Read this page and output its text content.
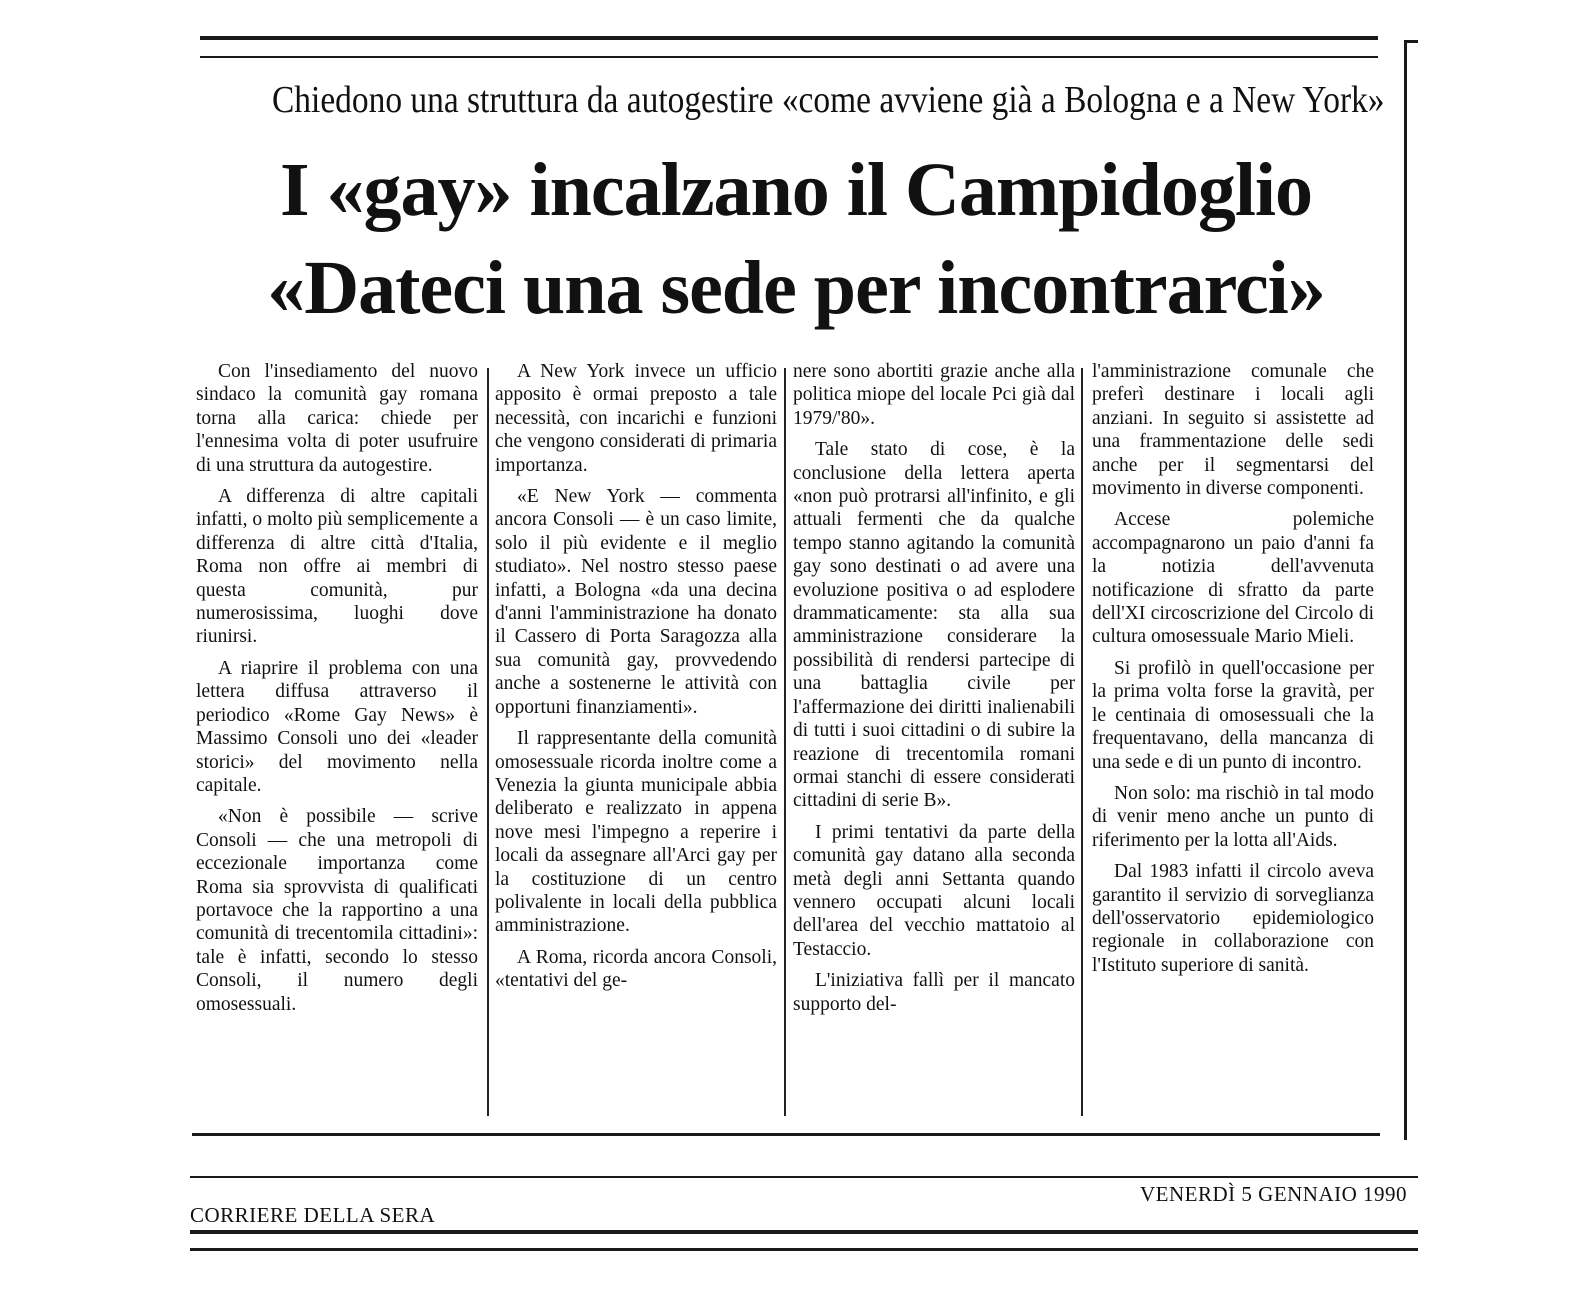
Chiedono una struttura da autogestire «come avviene già a Bologna e a New York»
I «gay» incalzano il Campidoglio
«Dateci una sede per incontrarci»

Con l'insediamento del nuovo sindaco la comunità gay romana torna alla carica: chiede per l'ennesima volta di poter usufruire di una struttura da autogestire.

A differenza di altre capitali infatti, o molto più semplicemente a differenza di altre città d'Italia, Roma non offre ai membri di questa comunità, pur numerosissima, luoghi dove riunirsi.

A riaprire il problema con una lettera diffusa attraverso il periodico «Rome Gay News» è Massimo Consoli uno dei «leader storici» del movimento nella capitale.

«Non è possibile — scrive Consoli — che una metropoli di eccezionale importanza come Roma sia sprovvista di qualificati portavoce che la rapportino a una comunità di trecentomila cittadini»: tale è infatti, secondo lo stesso Consoli, il numero degli omosessuali.

A New York invece un ufficio apposito è ormai preposto a tale necessità, con incarichi e funzioni che vengono considerati di primaria importanza.

«E New York — commenta ancora Consoli — è un caso limite, solo il più evidente e il meglio studiato». Nel nostro stesso paese infatti, a Bologna «da una decina d'anni l'amministrazione ha donato il Cassero di Porta Saragozza alla sua comunità gay, provvedendo anche a sostenerne le attività con opportuni finanziamenti».

Il rappresentante della comunità omosessuale ricorda inoltre come a Venezia la giunta municipale abbia deliberato e realizzato in appena nove mesi l'impegno a reperire i locali da assegnare all'Arci gay per la costituzione di un centro polivalente in locali della pubblica amministrazione.

A Roma, ricorda ancora Consoli, «tentativi del ge-

nere sono abortiti grazie anche alla politica miope del locale Pci già dal 1979/'80».

Tale stato di cose, è la conclusione della lettera aperta «non può protrarsi all'infinito, e gli attuali fermenti che da qualche tempo stanno agitando la comunità gay sono destinati o ad avere una evoluzione positiva o ad esplodere drammaticamente: sta alla sua amministrazione considerare la possibilità di rendersi partecipe di una battaglia civile per l'affermazione dei diritti inalienabili di tutti i suoi cittadini o di subire la reazione di trecentomila romani ormai stanchi di essere considerati cittadini di serie B».

I primi tentativi da parte della comunità gay datano alla seconda metà degli anni Settanta quando vennero occupati alcuni locali dell'area del vecchio mattatoio al Testaccio.

L'iniziativa fallì per il mancato supporto del-

l'amministrazione comunale che preferì destinare i locali agli anziani. In seguito si assistette ad una frammentazione delle sedi anche per il segmentarsi del movimento in diverse componenti.

Accese polemiche accompagnarono un paio d'anni fa la notizia dell'avvenuta notificazione di sfratto da parte dell'XI circoscrizione del Circolo di cultura omosessuale Mario Mieli.

Si profilò in quell'occasione per la prima volta forse la gravità, per le centinaia di omosessuali che la frequentavano, della mancanza di una sede e di un punto di incontro.

Non solo: ma rischiò in tal modo di venir meno anche un punto di riferimento per la lotta all'Aids.

Dal 1983 infatti il circolo aveva garantito il servizio di sorveglianza dell'osservatorio epidemiologico regionale in collaborazione con l'Istituto superiore di sanità.

CORRIERE DELLA SERA
VENERDÌ 5 GENNAIO 1990
